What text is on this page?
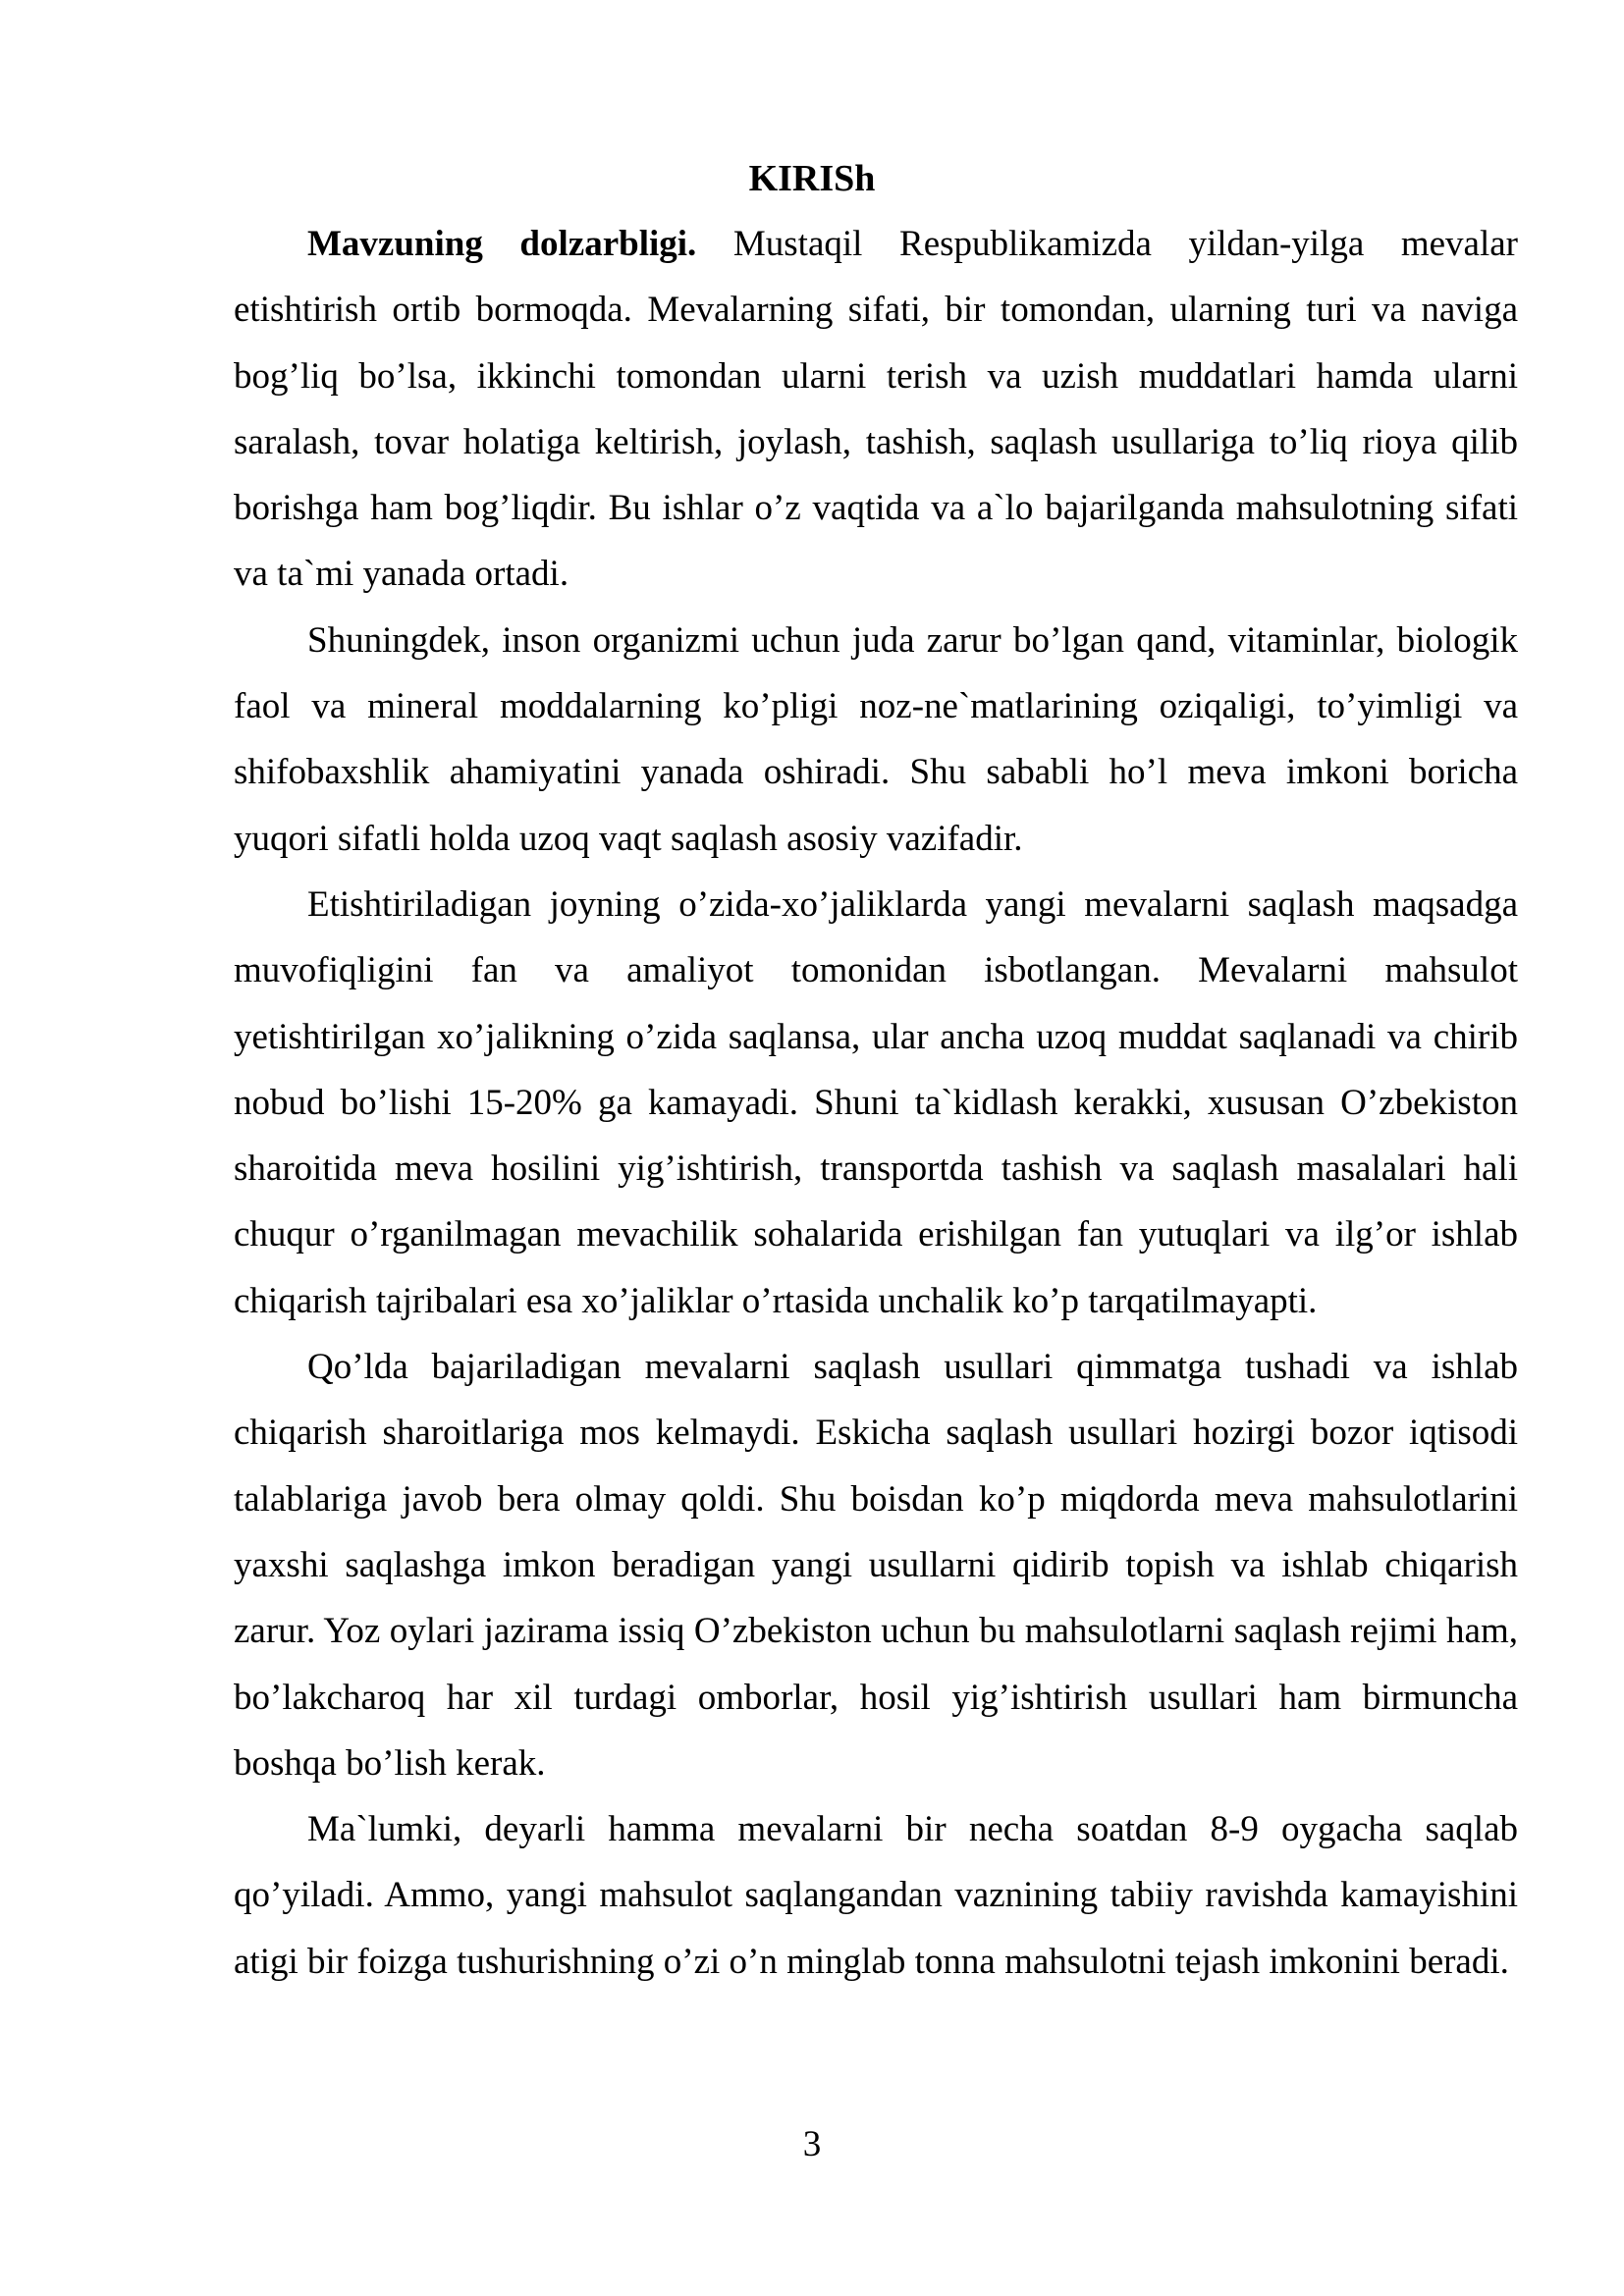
KIRISh

Mavzuning dolzarbligi. Mustaqil Respublikamizda yildan-yilga mevalar etishtirish ortib bormoqda. Mevalarning sifati, bir tomondan, ularning turi va naviga bog’liq bo’lsa, ikkinchi tomondan ularni terish va uzish muddatlari hamda ularni saralash, tovar holatiga keltirish, joylash, tashish, saqlash usullariga to’liq rioya qilib borishga ham bog’liqdir. Bu ishlar o’z vaqtida va a`lo bajarilganda mahsulotning sifati va ta`mi yanada ortadi.

Shuningdek, inson organizmi uchun juda zarur bo’lgan qand, vitaminlar, biologik faol va mineral moddalarning ko’pligi noz-ne`matlarining oziqaligi, to’yimligi va shifobaxshlik ahamiyatini yanada oshiradi. Shu sababli ho’l meva imkoni boricha yuqori sifatli holda uzoq vaqt saqlash asosiy vazifadir.

Etishtiriladigan joyning o’zida-xo’jaliklarda yangi mevalarni saqlash maqsadga muvofiqligini fan va amaliyot tomonidan isbotlangan. Mevalarni mahsulot yetishtirilgan xo’jalikning o’zida saqlansa, ular ancha uzoq muddat saqlanadi va chirib nobud bo’lishi 15-20% ga kamayadi. Shuni ta`kidlash kerakki, xususan O’zbekiston sharoitida meva hosilini yig’ishtirish, transportda tashish va saqlash masalalari hali chuqur o’rganilmagan mevachilik sohalarida erishilgan fan yutuqlari va ilg’or ishlab chiqarish tajribalari esa xo’jaliklar o’rtasida unchalik ko’p tarqatilmayapti.

Qo’lda bajariladigan mevalarni saqlash usullari qimmatga tushadi va ishlab chiqarish sharoitlariga mos kelmaydi. Eskicha saqlash usullari hozirgi bozor iqtisodi talablariga javob bera olmay qoldi. Shu boisdan ko’p miqdorda meva mahsulotlarini yaxshi saqlashga imkon beradigan yangi usullarni qidirib topish va ishlab chiqarish zarur. Yoz oylari jazirama issiq O’zbekiston uchun bu mahsulotlarni saqlash rejimi ham, bo’lakcharoq har xil turdagi omborlar, hosil yig’ishtirish usullari ham birmuncha boshqa bo’lish kerak.

Ma`lumki, deyarli hamma mevalarni bir necha soatdan 8-9 oygacha saqlab qo’yiladi. Ammo, yangi mahsulot saqlangandan vaznining tabiiy ravishda kamayishini atigi bir foizga tushurishning o’zi o’n minglab tonna mahsulotni tejash imkonini beradi.

3
